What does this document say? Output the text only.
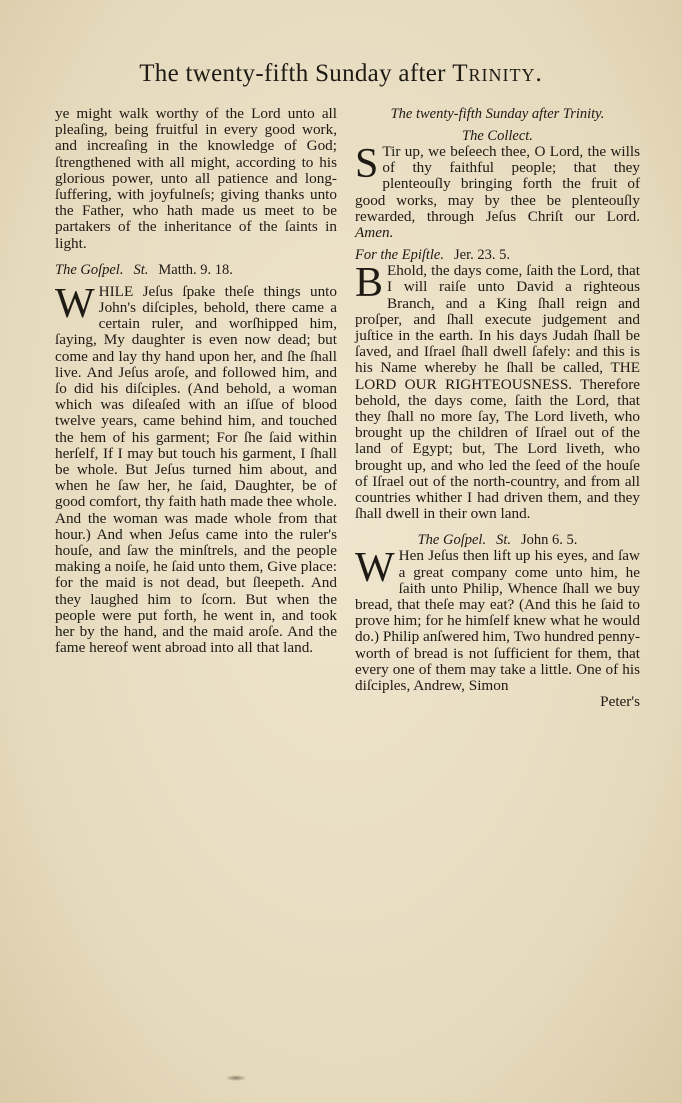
The twenty-fifth Sunday after Trinity.

ye might walk worthy of the Lord unto all pleaſing, being fruitful in every good work, and increaſing in the knowledge of God; ſtrengthened with all might, according to his glorious power, unto all patience and long-ſuffering, with joyfulneſs; giving thanks unto the Father, who hath made us meet to be partakers of the inheritance of the ſaints in light.

The Goſpel. St. Matth. 9. 18.
W HILE Jeſus ſpake theſe things unto John's diſciples, behold, there came a certain ruler, and worſhipped him, ſaying, My daughter is even now dead; but come and lay thy hand upon her, and ſhe ſhall live. And Jeſus aroſe, and followed him, and ſo did his diſciples. (And behold, a woman which was diſeaſed with an iſſue of blood twelve years, came behind him, and touched the hem of his garment; For ſhe ſaid within herſelf, If I may but touch his garment, I ſhall be whole. But Jeſus turned him about, and when he ſaw her, he ſaid, Daughter, be of good comfort, thy faith hath made thee whole. And the woman was made whole from that hour.) And when Jeſus came into the ruler's houſe, and ſaw the minſtrels, and the people making a noiſe, he ſaid unto them, Give place: for the maid is not dead, but ſleepeth. And they laughed him to ſcorn. But when the people were put forth, he went in, and took her by the hand, and the maid aroſe. And the fame hereof went abroad into all that land.

The twenty-fifth Sunday after Trinity.

The Collect.

S Tir up, we beſeech thee, O Lord, the wills of thy faithful people; that they plenteouſly bringing forth the fruit of good works, may by thee be plenteouſly rewarded, through Jeſus Chriſt our Lord. Amen.

For the Epiſtle. Jer. 23. 5.
B Ehold, the days come, ſaith the Lord, that I will raiſe unto David a righteous Branch, and a King ſhall reign and proſper, and ſhall execute judgement and juſtice in the earth. In his days Judah ſhall be ſaved, and Iſrael ſhall dwell ſafely: and this is his Name whereby he ſhall be called, THE LORD OUR RIGHTEOUSNESS. Therefore behold, the days come, ſaith the Lord, that they ſhall no more ſay, The Lord liveth, who brought up the children of Iſrael out of the land of Egypt; but, The Lord liveth, who brought up, and who led the ſeed of the houſe of Iſrael out of the north-country, and from all countries whither I had driven them, and they ſhall dwell in their own land.

The Goſpel. St. John 6. 5.
W Hen Jeſus then lift up his eyes, and ſaw a great company come unto him, he ſaith unto Philip, Whence ſhall we buy bread, that theſe may eat? (And this he ſaid to prove him; for he himſelf knew what he would do.) Philip anſwered him, Two hundred penny-worth of bread is not ſufficient for them, that every one of them may take a little. One of his diſciples, Andrew, Simon

Peter's
